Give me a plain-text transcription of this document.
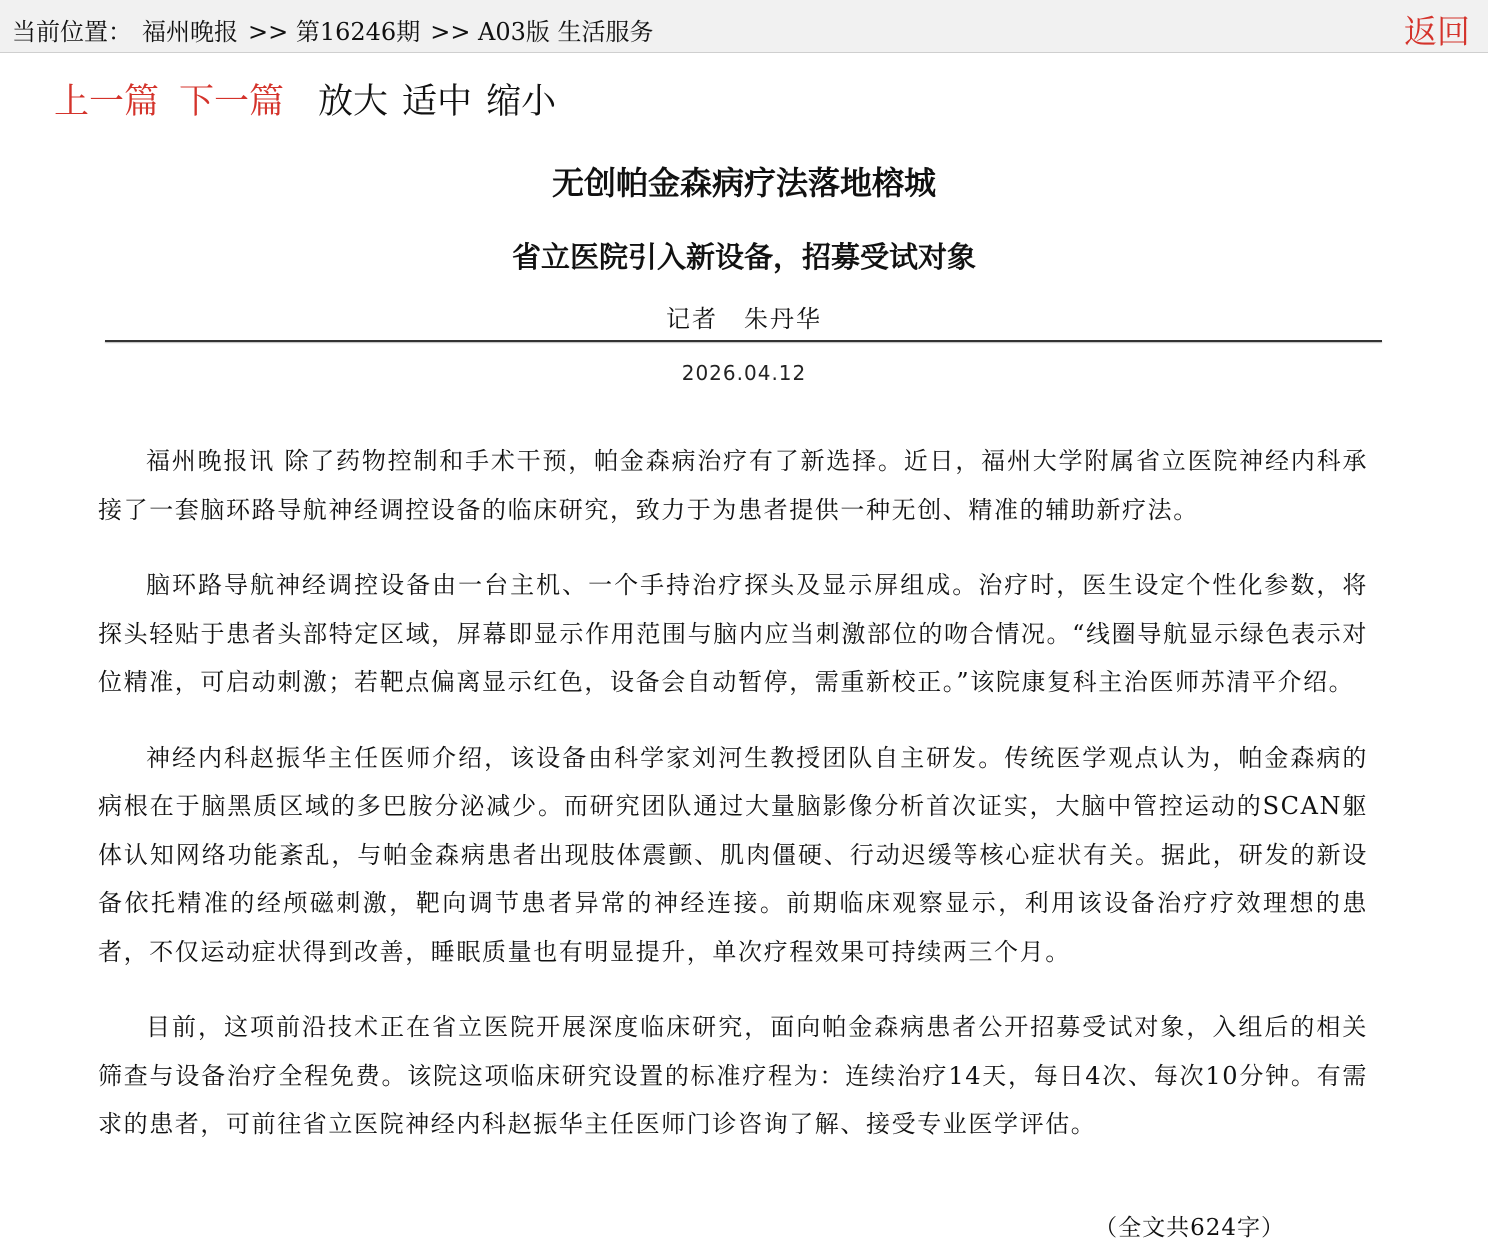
当前位置： 福州晚报 >> 第16246期 >> A03版 生活服务	返回
上一篇 下一篇 放大 适中 缩小
无创帕金森病疗法落地榕城
省立医院引入新设备，招募受试对象
记者　朱丹华
2026.04.12

福州晚报讯 除了药物控制和手术干预，帕金森病治疗有了新选择。近日，福州大学附属省立医院神经内科承接了一套脑环路导航神经调控设备的临床研究，致力于为患者提供一种无创、精准的辅助新疗法。

脑环路导航神经调控设备由一台主机、一个手持治疗探头及显示屏组成。治疗时，医生设定个性化参数，将探头轻贴于患者头部特定区域，屏幕即显示作用范围与脑内应当刺激部位的吻合情况。“线圈导航显示绿色表示对位精准，可启动刺激；若靶点偏离显示红色，设备会自动暂停，需重新校正。”该院康复科主治医师苏清平介绍。

神经内科赵振华主任医师介绍，该设备由科学家刘河生教授团队自主研发。传统医学观点认为，帕金森病的病根在于脑黑质区域的多巴胺分泌减少。而研究团队通过大量脑影像分析首次证实，大脑中管控运动的SCAN躯体认知网络功能紊乱，与帕金森病患者出现肢体震颤、肌肉僵硬、行动迟缓等核心症状有关。据此，研发的新设备依托精准的经颅磁刺激，靶向调节患者异常的神经连接。前期临床观察显示，利用该设备治疗疗效理想的患者，不仅运动症状得到改善，睡眠质量也有明显提升，单次疗程效果可持续两三个月。

目前，这项前沿技术正在省立医院开展深度临床研究，面向帕金森病患者公开招募受试对象，入组后的相关筛查与设备治疗全程免费。该院这项临床研究设置的标准疗程为：连续治疗14天，每日4次、每次10分钟。有需求的患者，可前往省立医院神经内科赵振华主任医师门诊咨询了解、接受专业医学评估。

（全文共624字）
